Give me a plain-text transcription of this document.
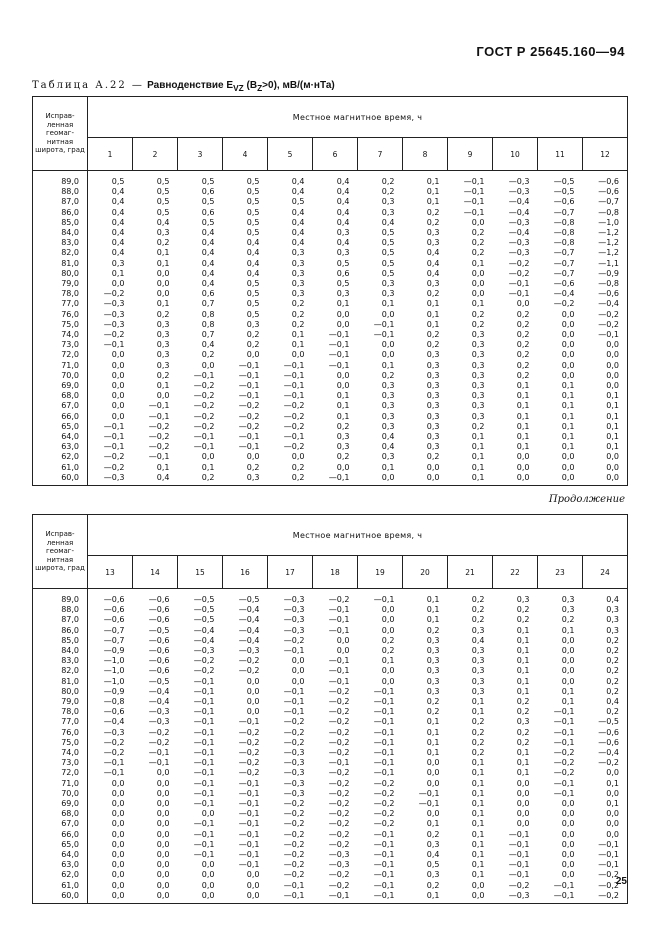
ГОСТ Р 25645.160—94
Таблица А.22 — Равноденствие $E_{VZ}$ $(B_Z>0)$, мВ/(м·нТа)
Исправ-ленная геомаг-нитная широта, град	Местное магнитное время, ч											
	1	2	3	4	5	6	7	8	9	10	11	12
89,0	0,5	0,5	0,5	0,5	0,4	0,4	0,2	0,1	—0,1	—0,3	—0,5	—0,6
88,0	0,4	0,5	0,6	0,5	0,4	0,4	0,2	0,1	—0,1	—0,3	—0,5	—0,6
87,0	0,4	0,5	0,5	0,5	0,5	0,4	0,3	0,1	—0,1	—0,4	—0,6	—0,7
86,0	0,4	0,5	0,6	0,5	0,4	0,4	0,3	0,2	—0,1	—0,4	—0,7	—0,8
85,0	0,4	0,4	0,5	0,5	0,4	0,4	0,4	0,2	0,0	—0,3	—0,8	—1,0
84,0	0,4	0,3	0,4	0,5	0,4	0,3	0,5	0,3	0,2	—0,4	—0,8	—1,2
83,0	0,4	0,2	0,4	0,4	0,4	0,4	0,5	0,3	0,2	—0,3	—0,8	—1,2
82,0	0,4	0,1	0,4	0,4	0,3	0,3	0,5	0,4	0,2	—0,3	—0,7	—1,2
81,0	0,3	0,1	0,4	0,4	0,3	0,5	0,5	0,4	0,1	—0,2	—0,7	—1,1
80,0	0,1	0,0	0,4	0,4	0,3	0,6	0,5	0,4	0,0	—0,2	—0,7	—0,9
79,0	0,0	0,0	0,4	0,5	0,3	0,5	0,3	0,3	0,0	—0,1	—0,6	—0,8
78,0	—0,2	0,0	0,6	0,5	0,3	0,3	0,3	0,2	0,0	—0,1	—0,4	—0,6
77,0	—0,3	0,1	0,7	0,5	0,2	0,1	0,1	0,1	0,1	0,0	—0,2	—0,4
76,0	—0,3	0,2	0,8	0,5	0,2	0,0	0,0	0,1	0,2	0,2	0,0	—0,2
75,0	—0,3	0,3	0,8	0,3	0,2	0,0	—0,1	0,1	0,2	0,2	0,0	—0,2
74,0	—0,2	0,3	0,7	0,2	0,1	—0,1	—0,1	0,2	0,3	0,2	0,0	—0,1
73,0	—0,1	0,3	0,4	0,2	0,1	—0,1	0,0	0,2	0,3	0,2	0,0	0,0
72,0	0,0	0,3	0,2	0,0	0,0	—0,1	0,0	0,3	0,3	0,2	0,0	0,0
71,0	0,0	0,3	0,0	—0,1	—0,1	—0,1	0,1	0,3	0,3	0,2	0,0	0,0
70,0	0,0	0,2	—0,1	—0,1	—0,1	0,0	0,2	0,3	0,3	0,2	0,0	0,0
69,0	0,0	0,1	—0,2	—0,1	—0,1	0,0	0,3	0,3	0,3	0,1	0,1	0,0
68,0	0,0	0,0	—0,2	—0,1	—0,1	0,1	0,3	0,3	0,3	0,1	0,1	0,1
67,0	0,0	—0,1	—0,2	—0,2	—0,2	0,1	0,3	0,3	0,3	0,1	0,1	0,1
66,0	0,0	—0,1	—0,2	—0,2	—0,2	0,1	0,3	0,3	0,3	0,1	0,1	0,1
65,0	—0,1	—0,2	—0,2	—0,2	—0,2	0,2	0,3	0,3	0,2	0,1	0,1	0,1
64,0	—0,1	—0,2	—0,1	—0,1	—0,1	0,3	0,4	0,3	0,1	0,1	0,1	0,1
63,0	—0,1	—0,2	—0,1	—0,1	—0,2	0,3	0,4	0,3	0,1	0,1	0,1	0,1
62,0	—0,2	—0,1	0,0	0,0	0,0	0,2	0,3	0,2	0,1	0,0	0,0	0,0
61,0	—0,2	0,1	0,1	0,2	0,2	0,0	0,1	0,0	0,1	0,0	0,0	0,0
60,0	—0,3	0,4	0,2	0,3	0,2	—0,1	0,0	0,0	0,1	0,0	0,0	0,0
Продолжение
Исправ-ленная геомаг-нитная широта, град	Местное магнитное время, ч											
	13	14	15	16	17	18	19	20	21	22	23	24
89,0	—0,6	—0,6	—0,5	—0,5	—0,3	—0,2	—0,1	0,1	0,2	0,3	0,3	0,4
88,0	—0,6	—0,6	—0,5	—0,4	—0,3	—0,1	0,0	0,1	0,2	0,2	0,3	0,3
87,0	—0,6	—0,6	—0,5	—0,4	—0,3	—0,1	0,0	0,1	0,2	0,2	0,2	0,3
86,0	—0,7	—0,5	—0,4	—0,4	—0,3	—0,1	0,0	0,2	0,3	0,1	0,1	0,3
85,0	—0,7	—0,6	—0,4	—0,4	—0,2	0,0	0,2	0,3	0,4	0,1	0,0	0,2
84,0	—0,9	—0,6	—0,3	—0,3	—0,1	0,0	0,2	0,3	0,3	0,1	0,0	0,2
83,0	—1,0	—0,6	—0,2	—0,2	0,0	—0,1	0,1	0,3	0,3	0,1	0,0	0,2
82,0	—1,0	—0,6	—0,2	—0,2	0,0	—0,1	0,0	0,3	0,3	0,1	0,0	0,2
81,0	—1,0	—0,5	—0,1	0,0	0,0	—0,1	0,0	0,3	0,3	0,1	0,0	0,2
80,0	—0,9	—0,4	—0,1	0,0	—0,1	—0,2	—0,1	0,3	0,3	0,1	0,1	0,2
79,0	—0,8	—0,4	—0,1	0,0	—0,1	—0,2	—0,1	0,2	0,1	0,2	0,1	0,4
78,0	—0,6	—0,3	—0,1	0,0	—0,1	—0,2	—0,1	0,2	0,1	0,2	—0,1	0,2
77,0	—0,4	—0,3	—0,1	—0,1	—0,2	—0,2	—0,1	0,1	0,2	0,3	—0,1	—0,5
76,0	—0,3	—0,2	—0,1	—0,2	—0,2	—0,2	—0,1	0,1	0,2	0,2	—0,1	—0,6
75,0	—0,2	—0,2	—0,1	—0,2	—0,2	—0,2	—0,1	0,1	0,2	0,2	—0,1	—0,6
74,0	—0,2	—0,1	—0,1	—0,2	—0,3	—0,2	—0,1	0,1	0,2	0,1	—0,2	—0,4
73,0	—0,1	—0,1	—0,1	—0,2	—0,3	—0,1	—0,1	0,0	0,1	0,1	—0,2	—0,2
72,0	—0,1	0,0	—0,1	—0,2	—0,3	—0,2	—0,1	0,0	0,1	0,1	—0,2	0,0
71,0	0,0	0,0	—0,1	—0,1	—0,3	—0,2	—0,2	0,0	0,1	0,0	—0,1	0,1
70,0	0,0	0,0	—0,1	—0,1	—0,3	—0,2	—0,2	—0,1	0,1	0,0	—0,1	0,0
69,0	0,0	0,0	—0,1	—0,1	—0,2	—0,2	—0,2	—0,1	0,1	0,0	0,0	0,1
68,0	0,0	0,0	0,0	—0,1	—0,2	—0,2	—0,2	0,0	0,1	0,0	0,0	0,0
67,0	0,0	0,0	—0,1	—0,1	—0,2	—0,2	—0,2	0,1	0,1	0,0	0,0	0,0
66,0	0,0	0,0	—0,1	—0,1	—0,2	—0,2	—0,1	0,2	0,1	—0,1	0,0	0,0
65,0	0,0	0,0	—0,1	—0,1	—0,2	—0,2	—0,1	0,3	0,1	—0,1	0,0	—0,1
64,0	0,0	0,0	—0,1	—0,1	—0,2	—0,3	—0,1	0,4	0,1	—0,1	0,0	—0,1
63,0	0,0	0,0	0,0	—0,1	—0,2	—0,3	—0,1	0,5	0,1	—0,1	0,0	—0,1
62,0	0,0	0,0	0,0	0,0	—0,2	—0,2	—0,1	0,3	0,1	—0,1	0,0	—0,2
61,0	0,0	0,0	0,0	0,0	—0,1	—0,2	—0,1	0,2	0,0	—0,2	—0,1	—0,2
60,0	0,0	0,0	0,0	0,0	—0,1	—0,1	—0,1	0,1	0,0	—0,3	—0,1	—0,2
25
